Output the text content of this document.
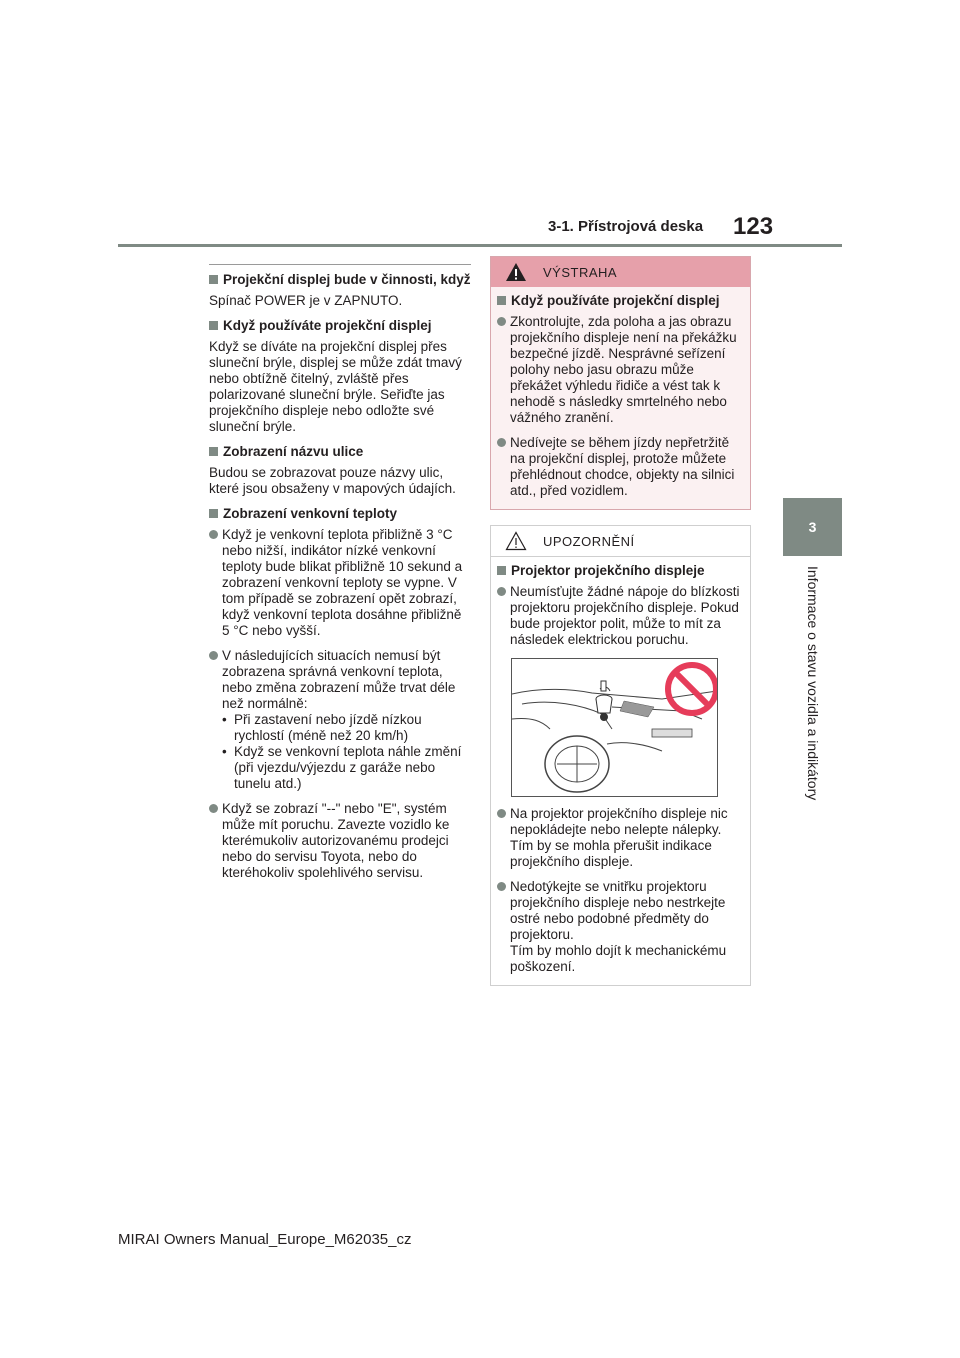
3-1. Přístrojová deska 123
3
Informace o stavu vozidla a indikátory
Projekční displej bude v činnosti, když
Spínač POWER je v ZAPNUTO.
Když používáte projekční displej
Když se díváte na projekční displej přes sluneční brýle, displej se může zdát tmavý nebo obtížně čitelný, zvláště přes polarizované sluneční brýle. Seřiďte jas projekčního displeje nebo odložte své sluneční brýle.
Zobrazení názvu ulice
Budou se zobrazovat pouze názvy ulic, které jsou obsaženy v mapových údajích.
Zobrazení venkovní teploty
Když je venkovní teplota přibližně 3 °C nebo nižší, indikátor nízké venkovní teploty bude blikat přibližně 10 sekund a zobrazení venkovní teploty se vypne. V tom případě se zobrazení opět zobrazí, když venkovní teplota dosáhne přibližně 5 °C nebo vyšší.
V následujících situacích nemusí být zobrazena správná venkovní teplota, nebo změna zobrazení může trvat déle než normálně:
• Při zastavení nebo jízdě nízkou rychlostí (méně než 20 km/h)
• Když se venkovní teplota náhle změní (při vjezdu/výjezdu z garáže nebo tunelu atd.)
Když se zobrazí "--" nebo "E", systém může mít poruchu. Zavezte vozidlo ke kterémukoliv autorizovanému prodejci nebo do servisu Toyota, nebo do kteréhokoliv spolehlivého servisu.
VÝSTRAHA
Když používáte projekční displej
Zkontrolujte, zda poloha a jas obrazu projekčního displeje není na překážku bezpečné jízdě. Nesprávné seřízení polohy nebo jasu obrazu může překážet výhledu řidiče a vést tak k nehodě s následky smrtelného nebo vážného zranění.
Nedívejte se během jízdy nepřetržitě na projekční displej, protože můžete přehlédnout chodce, objekty na silnici atd., před vozidlem.
UPOZORNĚNÍ
Projektor projekčního displeje
Neumísťujte žádné nápoje do blízkosti projektoru projekčního displeje. Pokud bude projektor polit, může to mít za následek elektrickou poruchu.
Na projektor projekčního displeje nic nepokládejte nebo nelepte nálepky. Tím by se mohla přerušit indikace projekčního displeje.
Nedotýkejte se vnitřku projektoru projekčního displeje nebo nestrkejte ostré nebo podobné předměty do projektoru.
Tím by mohlo dojít k mechanickému poškození.
MIRAI Owners Manual_Europe_M62035_cz
